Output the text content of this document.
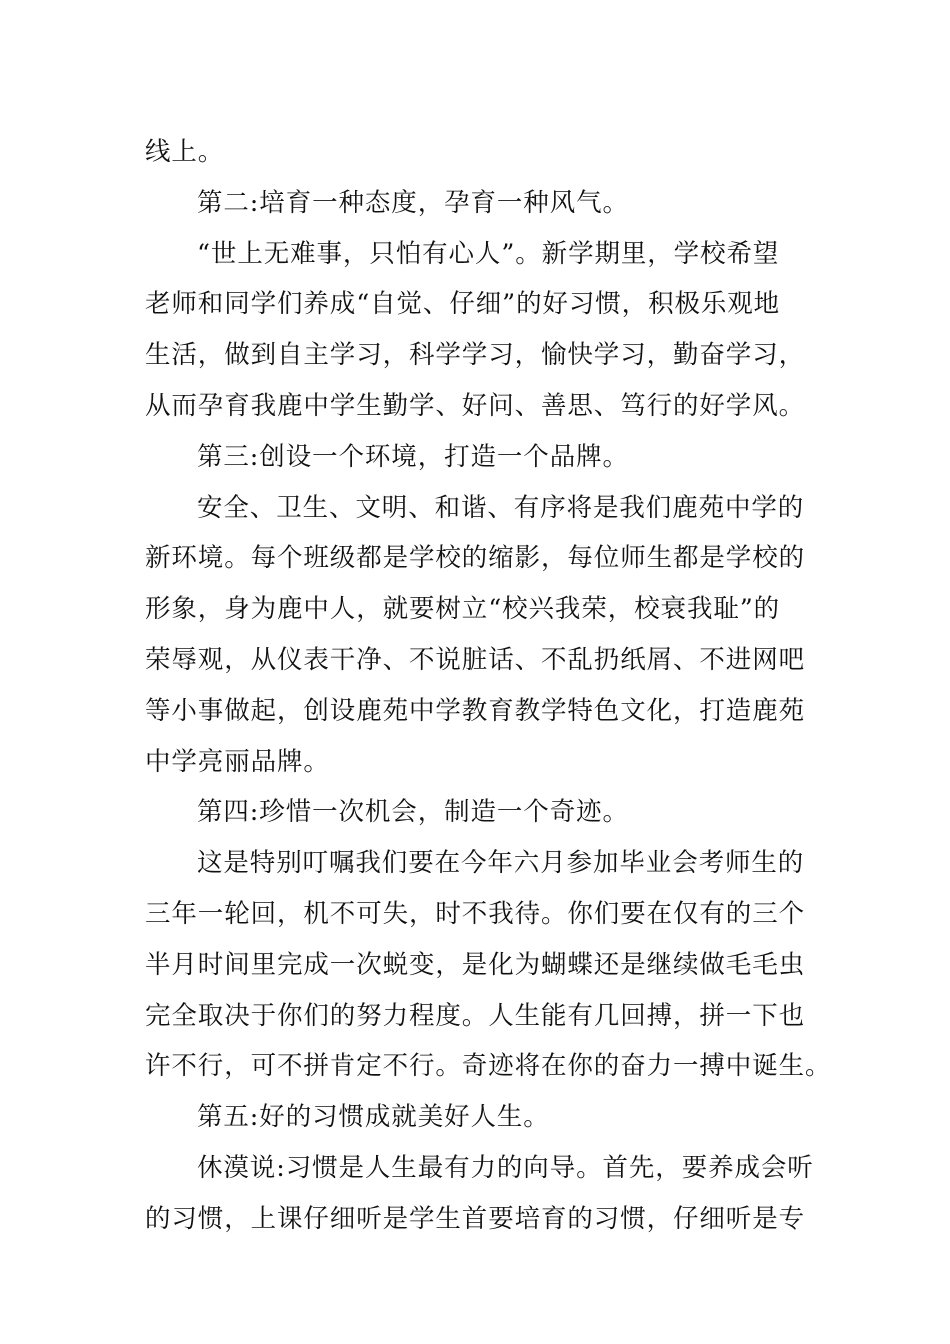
线上。
第二:培育一种态度，孕育一种风气。
“世上无难事，只怕有心人”。新学期里，学校希望
老师和同学们养成“自觉、仔细”的好习惯，积极乐观地
生活，做到自主学习，科学学习，愉快学习，勤奋学习，
从而孕育我鹿中学生勤学、好问、善思、笃行的好学风。
第三:创设一个环境，打造一个品牌。
安全、卫生、文明、和谐、有序将是我们鹿苑中学的
新环境。每个班级都是学校的缩影，每位师生都是学校的
形象，身为鹿中人，就要树立“校兴我荣，校衰我耻”的
荣辱观，从仪表干净、不说脏话、不乱扔纸屑、不进网吧
等小事做起，创设鹿苑中学教育教学特色文化，打造鹿苑
中学亮丽品牌。
第四:珍惜一次机会，制造一个奇迹。
这是特别叮嘱我们要在今年六月参加毕业会考师生的
三年一轮回，机不可失，时不我待。你们要在仅有的三个
半月时间里完成一次蜕变，是化为蝴蝶还是继续做毛毛虫
完全取决于你们的努力程度。人生能有几回搏，拼一下也
许不行，可不拼肯定不行。奇迹将在你的奋力一搏中诞生。
第五:好的习惯成就美好人生。
休漠说:习惯是人生最有力的向导。首先，要养成会听
的习惯，上课仔细听是学生首要培育的习惯，仔细听是专
